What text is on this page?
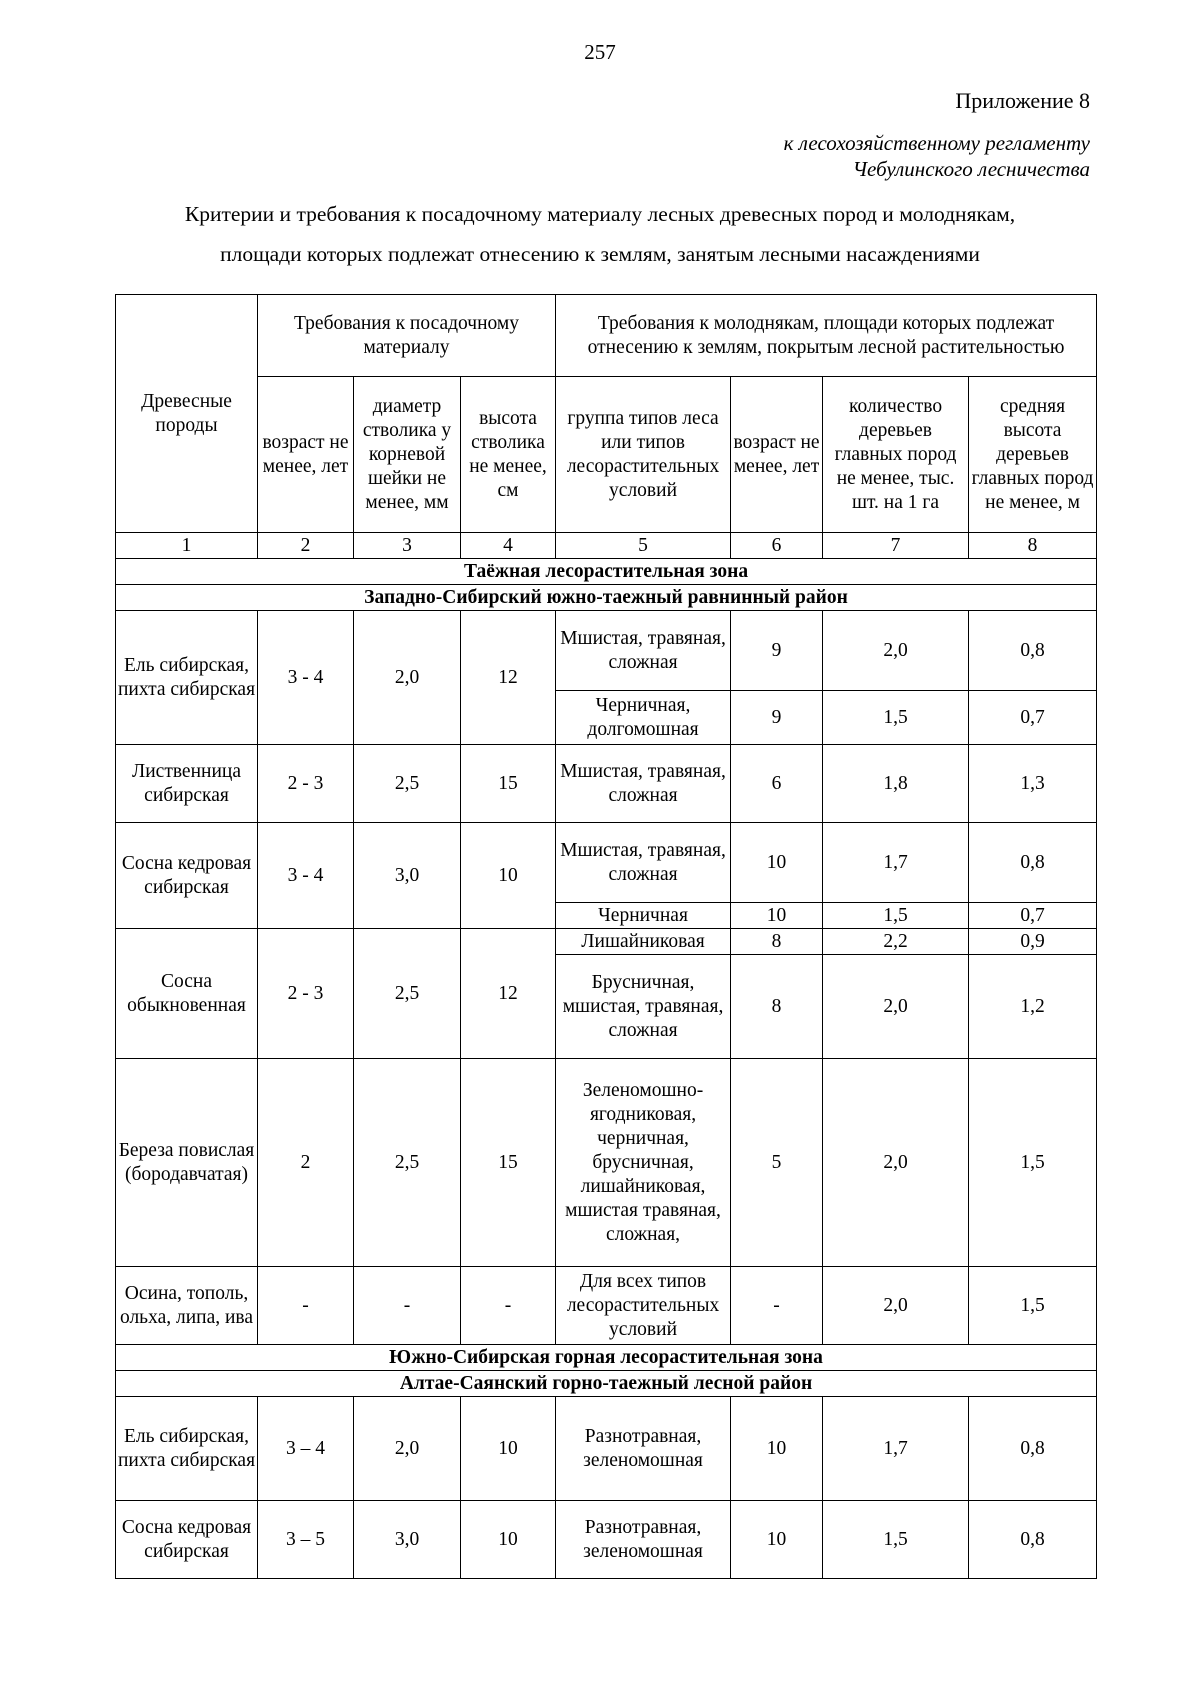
257
Приложение 8
к лесохозяйственному регламенту
Чебулинского лесничества
Критерии и требования к посадочному материалу лесных древесных пород и молоднякам,
площади которых подлежат отнесению к землям, занятым лесными насаждениями
Древесные породы	Требования к посадочному материалу			Требования к молоднякам, площади которых подлежат отнесению к землям, покрытым лесной растительностью			
	возраст не менее, лет	диаметр стволика у корневой шейки не менее, мм	высота стволика не менее, см	группа типов леса или типов лесорастительных условий	возраст не менее, лет	количество деревьев главных пород не менее, тыс. шт. на 1 га	средняя высота деревьев главных пород не менее, м
1	2	3	4	5	6	7	8
Таёжная лесорастительная зона							
Западно-Сибирский южно-таежный равнинный район							
Ель сибирская, пихта сибирская	3 - 4	2,0	12	Мшистая, травяная, сложная	9	2,0	0,8
				Черничная, долгомошная	9	1,5	0,7
Лиственница сибирская	2 - 3	2,5	15	Мшистая, травяная, сложная	6	1,8	1,3
Сосна кедровая сибирская	3 - 4	3,0	10	Мшистая, травяная, сложная	10	1,7	0,8
				Черничная	10	1,5	0,7
Сосна обыкновенная	2 - 3	2,5	12	Лишайниковая	8	2,2	0,9
				Брусничная, мшистая, травяная, сложная	8	2,0	1,2
Береза повислая (бородавчатая)	2	2,5	15	Зеленомошно-ягодниковая, черничная, брусничная, лишайниковая, мшистая травяная, сложная,	5	2,0	1,5
Осина, тополь, ольха, липа, ива	-	-	-	Для всех типов лесорастительных условий	-	2,0	1,5
Южно-Сибирская горная лесорастительная зона							
Алтае-Саянский горно-таежный лесной район							
Ель сибирская, пихта сибирская	3 – 4	2,0	10	Разнотравная, зеленомошная	10	1,7	0,8
Сосна кедровая сибирская	3 – 5	3,0	10	Разнотравная, зеленомошная	10	1,5	0,8
